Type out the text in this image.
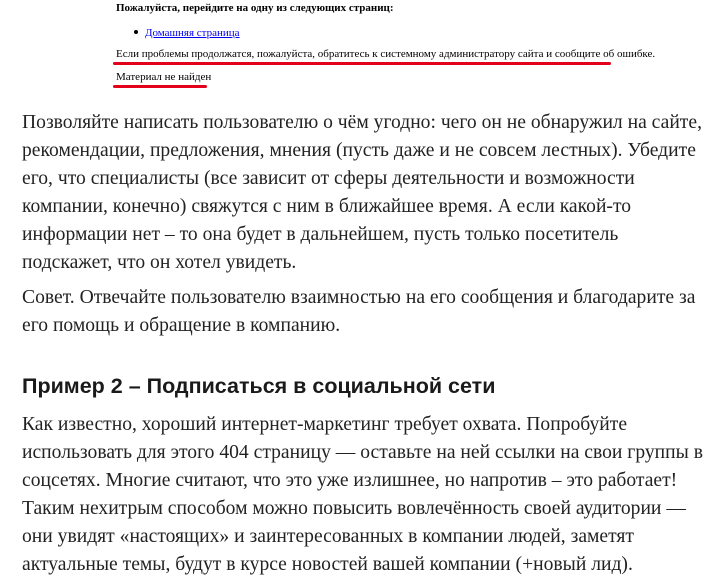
Пожалуйста, перейдите на одну из следующих страниц:
Домашняя страница
Если проблемы продолжатся, пожалуйста, обратитесь к системному администратору сайта и сообщите об ошибке.
Материал не найден

Позволяйте написать пользователю о чём угодно: чего он не обнаружил на сайте,
рекомендации, предложения, мнения (пусть даже и не совсем лестных). Убедите
его, что специалисты (все зависит от сферы деятельности и возможности
компании, конечно) свяжутся с ним в ближайшее время. А если какой-то
информации нет – то она будет в дальнейшем, пусть только посетитель
подскажет, что он хотел увидеть.

Совет. Отвечайте пользователю взаимностью на его сообщения и благодарите за
его помощь и обращение в компанию.

Пример 2 – Подписаться в социальной сети

Как известно, хороший интернет-маркетинг требует охвата. Попробуйте
использовать для этого 404 страницу — оставьте на ней ссылки на свои группы в
соцсетях. Многие считают, что это уже излишнее, но напротив – это работает!
Таким нехитрым способом можно повысить вовлечённость своей аудитории —
они увидят «настоящих» и заинтересованных в компании людей, заметят
актуальные темы, будут в курсе новостей вашей компании (+новый лид).
